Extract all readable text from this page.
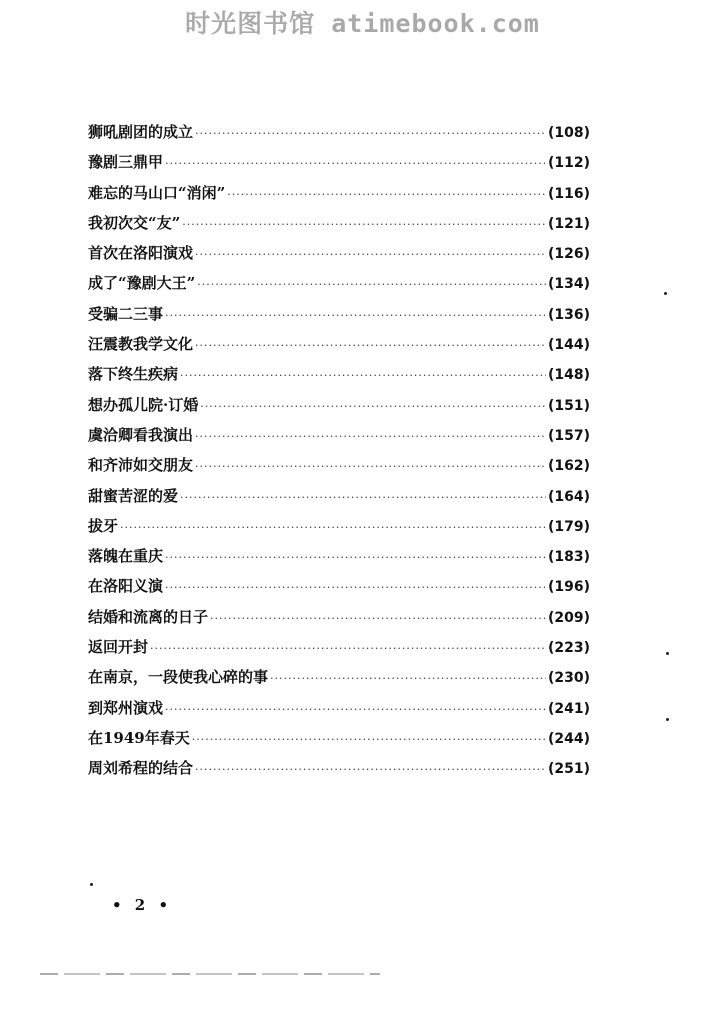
时光图书馆 atimebook.com
狮吼剧团的成立 ·····	(108)
豫剧三鼎甲 ·····	(112)
难忘的马山口“消闲” ·····	(116)
我初次交“友” ·····	(121)
首次在洛阳演戏 ·····	(126)
成了“豫剧大王” ·····	(134)
受骗二三事 ·····	(136)
汪震教我学文化 ·····	(144)
落下终生疾病 ·····	(148)
想办孤儿院·订婚 ·····	(151)
虞洽卿看我演出 ·····	(157)
和齐沛如交朋友 ·····	(162)
甜蜜苦涩的爱 ·····	(164)
拔牙 ·····	(179)
落魄在重庆 ·····	(183)
在洛阳义演 ·····	(196)
结婚和流离的日子 ·····	(209)
返回开封 ·····	(223)
在南京，一段使我心碎的事 ·····	(230)
到郑州演戏 ·····	(241)
在1949年春天 ·····	(244)
周刘希程的结合 ·····	(251)
• 2 •
